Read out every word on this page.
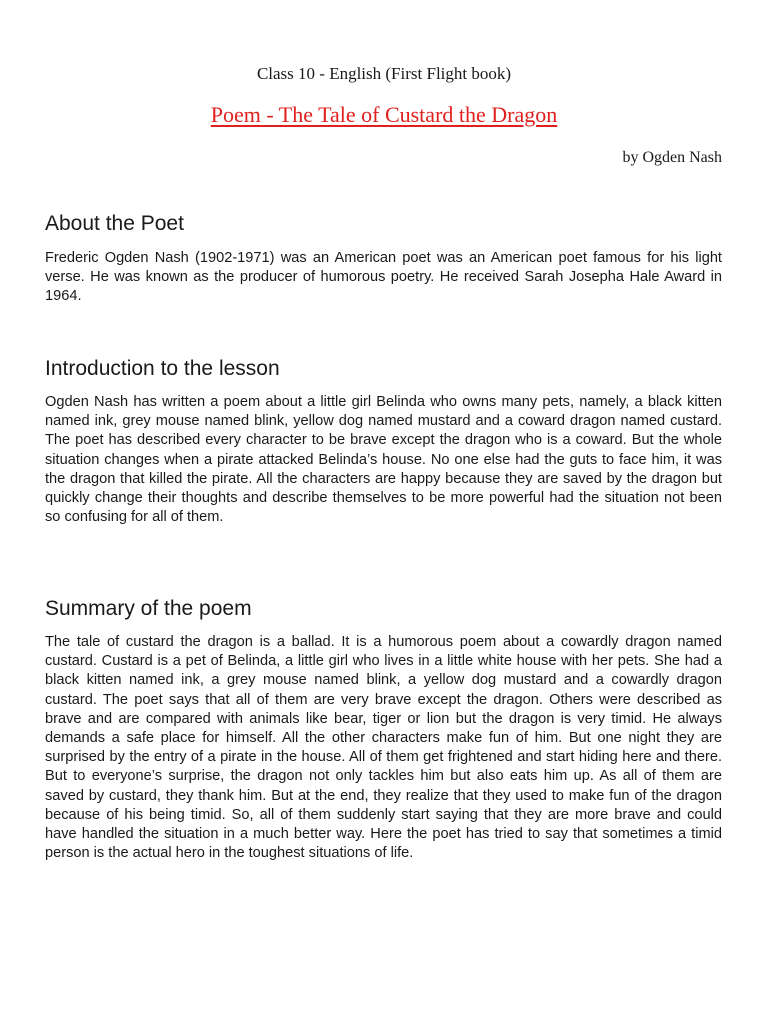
Class 10 - English (First Flight book)
Poem - The Tale of Custard the Dragon
by Ogden Nash
About the Poet

Frederic Ogden Nash (1902-1971) was an American poet was an American poet famous for his light verse. He was known as the producer of humorous poetry. He received Sarah Josepha Hale Award in 1964.

Introduction to the lesson

Ogden Nash has written a poem about a little girl Belinda who owns many pets, namely, a black kitten named ink, grey mouse named blink, yellow dog named mustard and a coward dragon named custard. The poet has described every character to be brave except the dragon who is a coward. But the whole situation changes when a pirate attacked Belinda’s house. No one else had the guts to face him, it was the dragon that killed the pirate. All the characters are happy because they are saved by the dragon but quickly change their thoughts and describe themselves to be more powerful had the situation not been so confusing for all of them.

Summary of the poem

The tale of custard the dragon is a ballad. It is a humorous poem about a cowardly dragon named custard. Custard is a pet of Belinda, a little girl who lives in a little white house with her pets. She had a black kitten named ink, a grey mouse named blink, a yellow dog mustard and a cowardly dragon custard. The poet says that all of them are very brave except the dragon. Others were described as brave and are compared with animals like bear, tiger or lion but the dragon is very timid. He always demands a safe place for himself. All the other characters make fun of him. But one night they are surprised by the entry of a pirate in the house. All of them get frightened and start hiding here and there. But to everyone’s surprise, the dragon not only tackles him but also eats him up. As all of them are saved by custard, they thank him. But at the end, they realize that they used to make fun of the dragon because of his being timid. So, all of them suddenly start saying that they are more brave and could have handled the situation in a much better way. Here the poet has tried to say that sometimes a timid person is the actual hero in the toughest situations of life.
